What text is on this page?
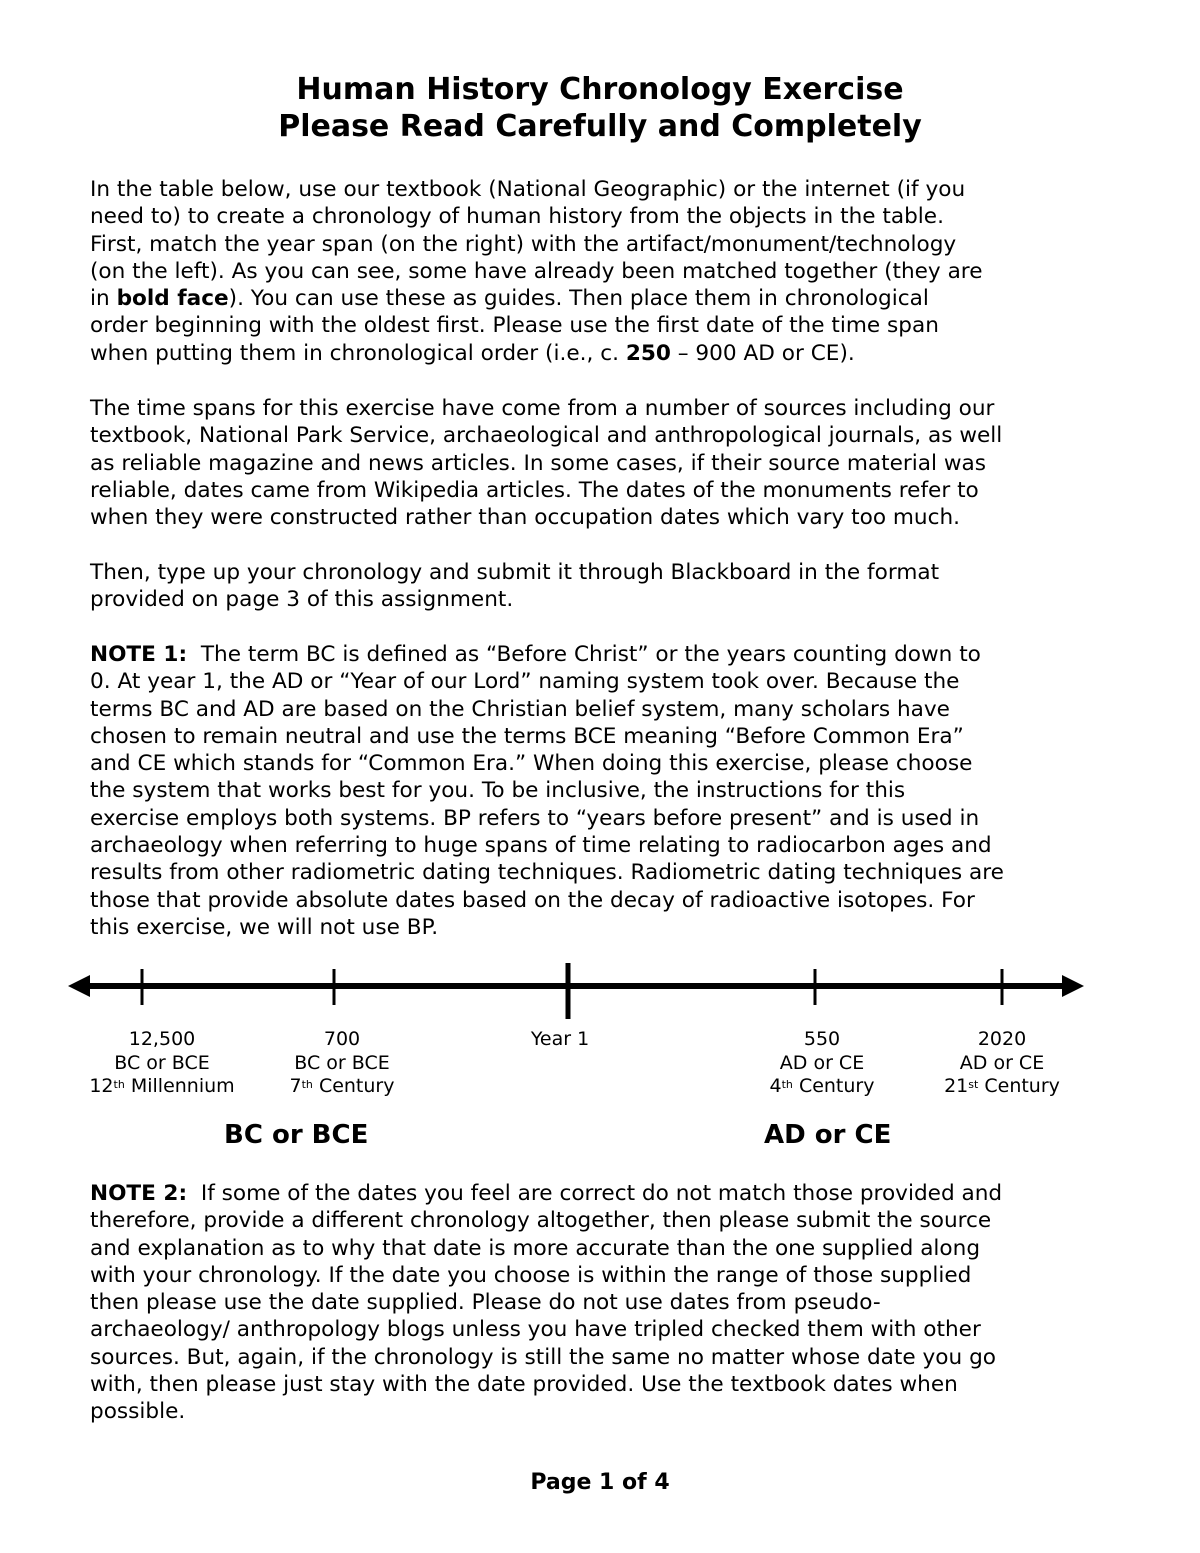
Human History Chronology Exercise
Please Read Carefully and Completely
In the table below, use our textbook (National Geographic) or the internet (if you
need to) to create a chronology of human history from the objects in the table.
First, match the year span (on the right) with the artifact/monument/technology
(on the left). As you can see, some have already been matched together (they are
in bold face). You can use these as guides. Then place them in chronological
order beginning with the oldest first. Please use the first date of the time span
when putting them in chronological order (i.e., c. 250 – 900 AD or CE).
The time spans for this exercise have come from a number of sources including our
textbook, National Park Service, archaeological and anthropological journals, as well
as reliable magazine and news articles. In some cases, if their source material was
reliable, dates came from Wikipedia articles. The dates of the monuments refer to
when they were constructed rather than occupation dates which vary too much.
Then, type up your chronology and submit it through Blackboard in the format
provided on page 3 of this assignment.
NOTE 1:  The term BC is defined as “Before Christ” or the years counting down to
0. At year 1, the AD or “Year of our Lord” naming system took over. Because the
terms BC and AD are based on the Christian belief system, many scholars have
chosen to remain neutral and use the terms BCE meaning “Before Common Era”
and CE which stands for “Common Era.” When doing this exercise, please choose
the system that works best for you. To be inclusive, the instructions for this
exercise employs both systems. BP refers to “years before present” and is used in
archaeology when referring to huge spans of time relating to radiocarbon ages and
results from other radiometric dating techniques. Radiometric dating techniques are
those that provide absolute dates based on the decay of radioactive isotopes. For
this exercise, we will not use BP.
12,500
BC or BCE
12th Millennium
700
BC or BCE
7th Century
Year 1	550
AD or CE
4th Century
2020
AD or CE
21st Century
BC or BCE	AD or CE
NOTE 2:  If some of the dates you feel are correct do not match those provided and
therefore, provide a different chronology altogether, then please submit the source
and explanation as to why that date is more accurate than the one supplied along
with your chronology. If the date you choose is within the range of those supplied
then please use the date supplied. Please do not use dates from pseudo-
archaeology/ anthropology blogs unless you have tripled checked them with other
sources. But, again, if the chronology is still the same no matter whose date you go
with, then please just stay with the date provided. Use the textbook dates when
possible.
Page 1 of 4
